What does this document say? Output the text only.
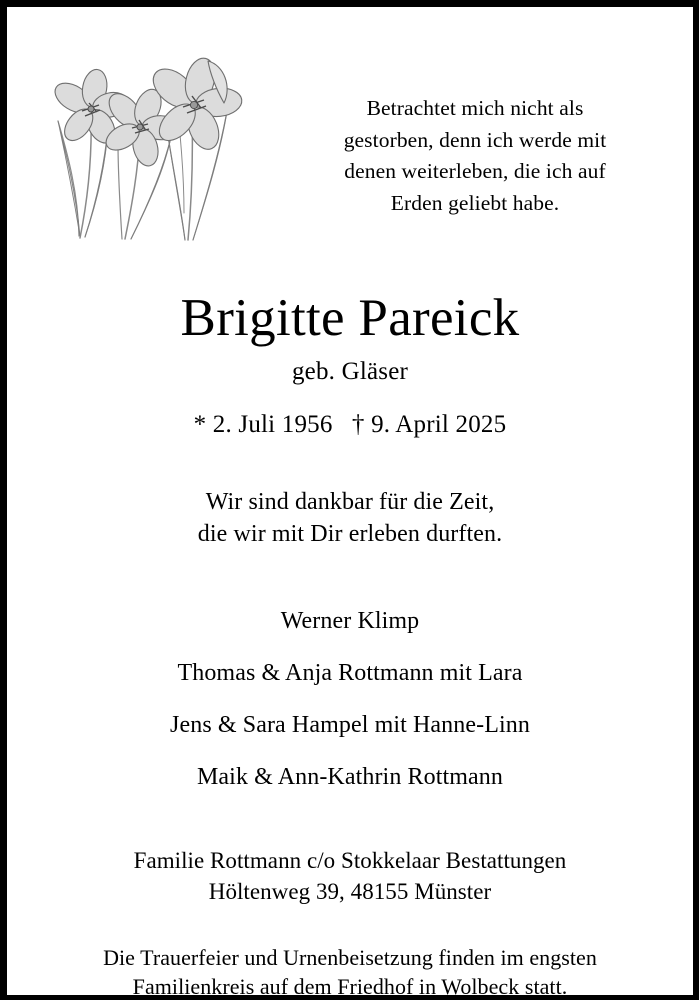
Betrachtet mich nicht als
gestorben, denn ich werde mit
denen weiterleben, die ich auf
Erden geliebt habe.
Brigitte Pareick
geb. Gläser
* 2. Juli 1956   † 9. April 2025
Wir sind dankbar für die Zeit,
die wir mit Dir erleben durften.
Werner Klimp
Thomas & Anja Rottmann mit Lara
Jens & Sara Hampel mit Hanne-Linn
Maik & Ann-Kathrin Rottmann
Familie Rottmann c/o Stokkelaar Bestattungen
Höltenweg 39, 48155 Münster
Die Trauerfeier und Urnenbeisetzung finden im engsten
Familienkreis auf dem Friedhof in Wolbeck statt.
